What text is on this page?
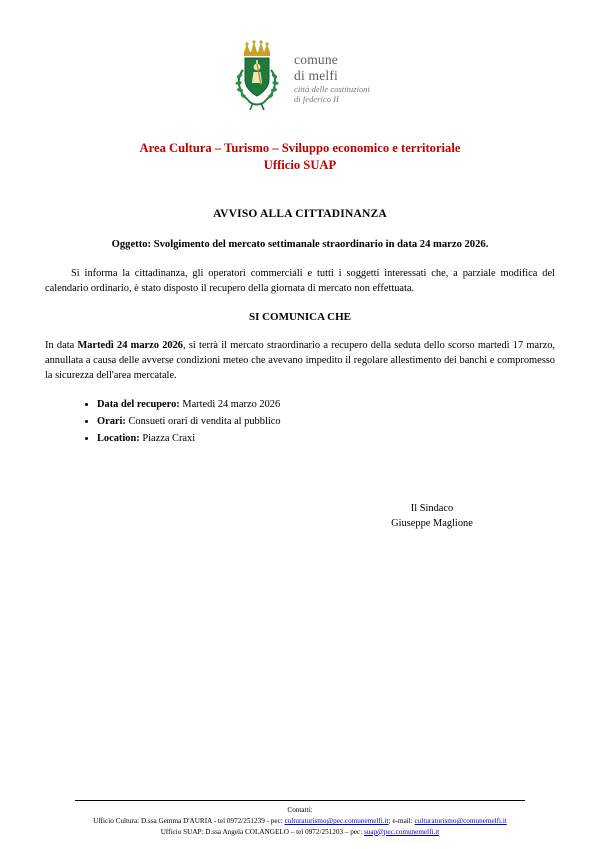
comune
di melfi
città delle costituzioni
di federico II
Area Cultura – Turismo – Sviluppo economico e territoriale
Ufficio SUAP
AVVISO ALLA CITTADINANZA
Oggetto: Svolgimento del mercato settimanale straordinario in data 24 marzo 2026.

Si informa la cittadinanza, gli operatori commerciali e tutti i soggetti interessati che, a parziale modifica del calendario ordinario, è stato disposto il recupero della giornata di mercato non effettuata.

SI COMUNICA CHE

In data Martedì 24 marzo 2026, si terrà il mercato straordinario a recupero della seduta dello scorso martedì 17 marzo, annullata a causa delle avverse condizioni meteo che avevano impedito il regolare allestimento dei banchi e compromesso la sicurezza dell'area mercatale.

• Data del recupero: Martedì 24 marzo 2026
• Orari: Consueti orari di vendita al pubblico
• Location: Piazza Craxi
Il Sindaco
Giuseppe Maglione
Contatti:
Ufficio Cultura: D.ssa Gemma D'AURIA - tel 0972/251239 - pec: culturaturismo@pec.comunemelfi.it; e-mail: culturaturismo@comunemelfi.it
Ufficio SUAP: D.ssa Angela COLANGELO – tel 0972/251203 – pec: suap@pec.comunemelfi.it
